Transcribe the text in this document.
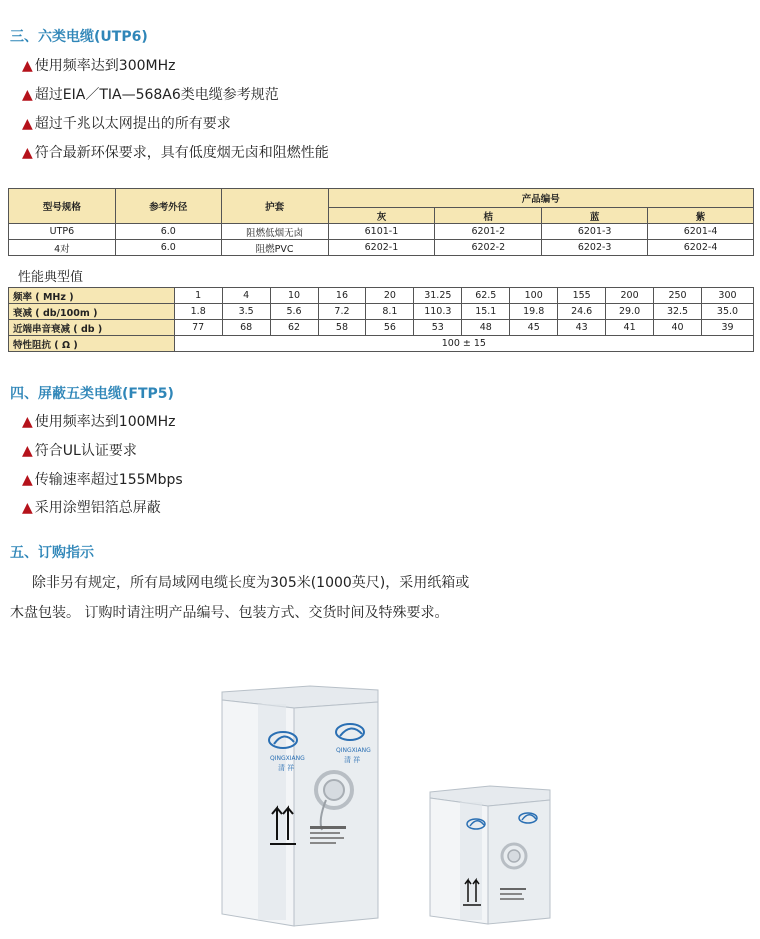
三、六类电缆(UTP6)
▲ 使用频率达到300MHz
▲ 超过EIA／TIA—568A6类电缆参考规范
▲ 超过千兆以太网提出的所有要求
▲ 符合最新环保要求，具有低度烟无卤和阻燃性能
型号规格	参考外径	护套	产品编号			
			灰	桔	蓝	紫
UTP6	6.0	阻燃低烟无卤	6101-1	6201-2	6201-3	6201-4
4对	6.0	阻燃PVC	6202-1	6202-2	6202-3	6202-4
性能典型值
频率 ( MHz )	1	4	10	16	20	31.25	62.5	100	155	200	250	300
衰减 ( db/100m )	1.8	3.5	5.6	7.2	8.1	110.3	15.1	19.8	24.6	29.0	32.5	35.0
近端串音衰减 ( db )	77	68	62	58	56	53	48	45	43	41	40	39
特性阻抗 ( Ω )	100 ± 15											
四、屏蔽五类电缆(FTP5)
▲ 使用频率达到100MHz
▲ 符合UL认证要求
▲ 传输速率超过155Mbps
▲ 采用涂塑铝箔总屏蔽
五、订购指示
除非另有规定，所有局域网电缆长度为305米(1000英尺)，采用纸箱或
木盘包装。 订购时请注明产品编号、包装方式、交货时间及特殊要求。
QINGXIANG
清 祥
QINGXIANG
清 祥
